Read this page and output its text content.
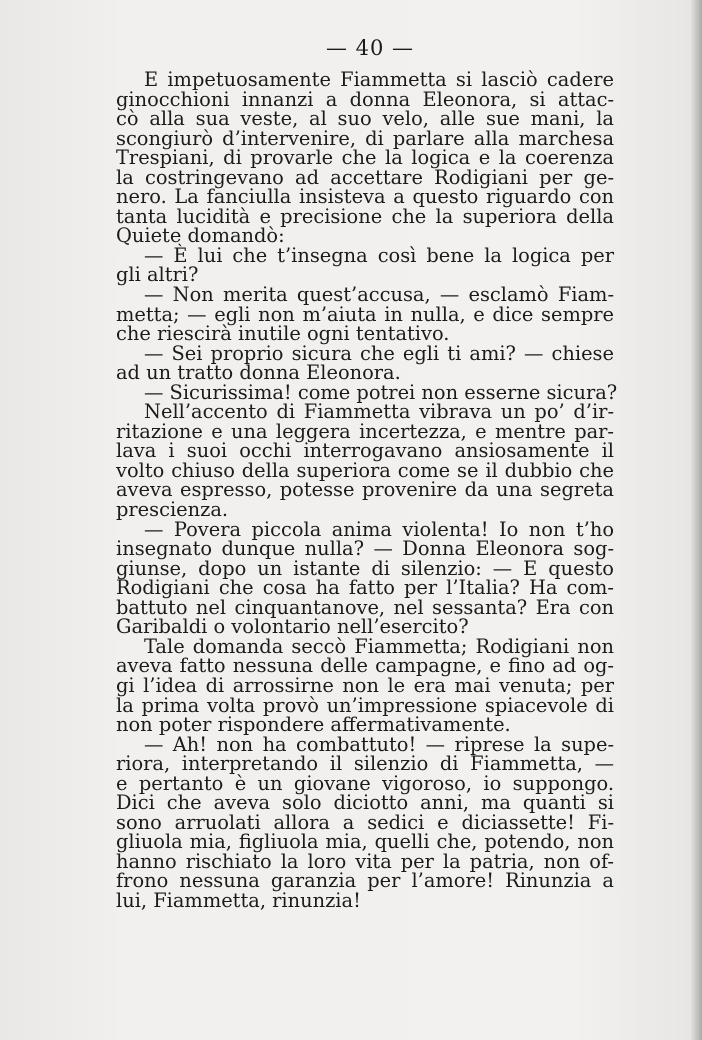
— 40 —
E impetuosamente Fiammetta si lasciò cadere
ginocchioni innanzi a donna Eleonora, si attac-
cò alla sua veste, al suo velo, alle sue mani, la
scongiurò d’intervenire, di parlare alla marchesa
Trespiani, di provarle che la logica e la coerenza
la costringevano ad accettare Rodigiani per ge-
nero. La fanciulla insisteva a questo riguardo con
tanta lucidità e precisione che la superiora della
Quiete domandò:
— È lui che t’insegna così bene la logica per
gli altri?
— Non merita quest’accusa, — esclamò Fiam-
metta; — egli non m’aiuta in nulla, e dice sempre
che riescirà inutile ogni tentativo.
— Sei proprio sicura che egli ti ami? — chiese
ad un tratto donna Eleonora.
— Sicurissima! come potrei non esserne sicura?
Nell’accento di Fiammetta vibrava un po’ d’ir-
ritazione e una leggera incertezza, e mentre par-
lava i suoi occhi interrogavano ansiosamente il
volto chiuso della superiora come se il dubbio che
aveva espresso, potesse provenire da una segreta
prescienza.
— Povera piccola anima violenta! Io non t’ho
insegnato dunque nulla? — Donna Eleonora sog-
giunse, dopo un istante di silenzio: — E questo
Rodigiani che cosa ha fatto per l’Italia? Ha com-
battuto nel cinquantanove, nel sessanta? Era con
Garibaldi o volontario nell’esercito?
Tale domanda seccò Fiammetta; Rodigiani non
aveva fatto nessuna delle campagne, e fino ad og-
gi l’idea di arrossirne non le era mai venuta; per
la prima volta provò un’impressione spiacevole di
non poter rispondere affermativamente.
— Ah! non ha combattuto! — riprese la supe-
riora, interpretando il silenzio di Fiammetta, —
e pertanto è un giovane vigoroso, io suppongo.
Dici che aveva solo diciotto anni, ma quanti si
sono arruolati allora a sedici e diciassette! Fi-
gliuola mia, figliuola mia, quelli che, potendo, non
hanno rischiato la loro vita per la patria, non of-
frono nessuna garanzia per l’amore! Rinunzia a
lui, Fiammetta, rinunzia!
